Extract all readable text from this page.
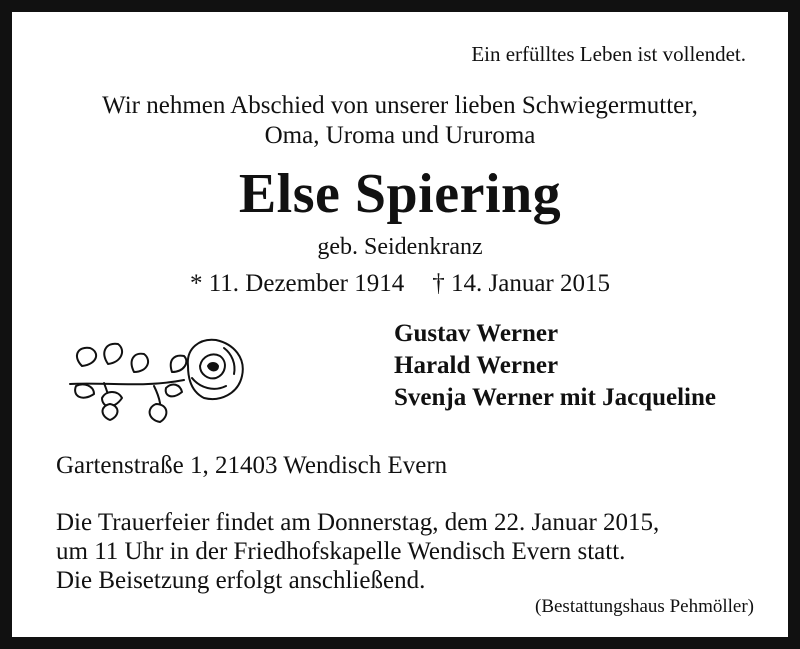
Ein erfülltes Leben ist vollendet.
Wir nehmen Abschied von unserer lieben Schwiegermutter,
Oma, Uroma und Ururoma
Else Spiering
geb. Seidenkranz
* 11. Dezember 1914 † 14. Januar 2015
Gustav Werner
Harald Werner
Svenja Werner mit Jacqueline
Gartenstraße 1, 21403 Wendisch Evern
Die Trauerfeier findet am Donnerstag, dem 22. Januar 2015,
um 11 Uhr in der Friedhofskapelle Wendisch Evern statt.
Die Beisetzung erfolgt anschließend.
(Bestattungshaus Pehmöller)
